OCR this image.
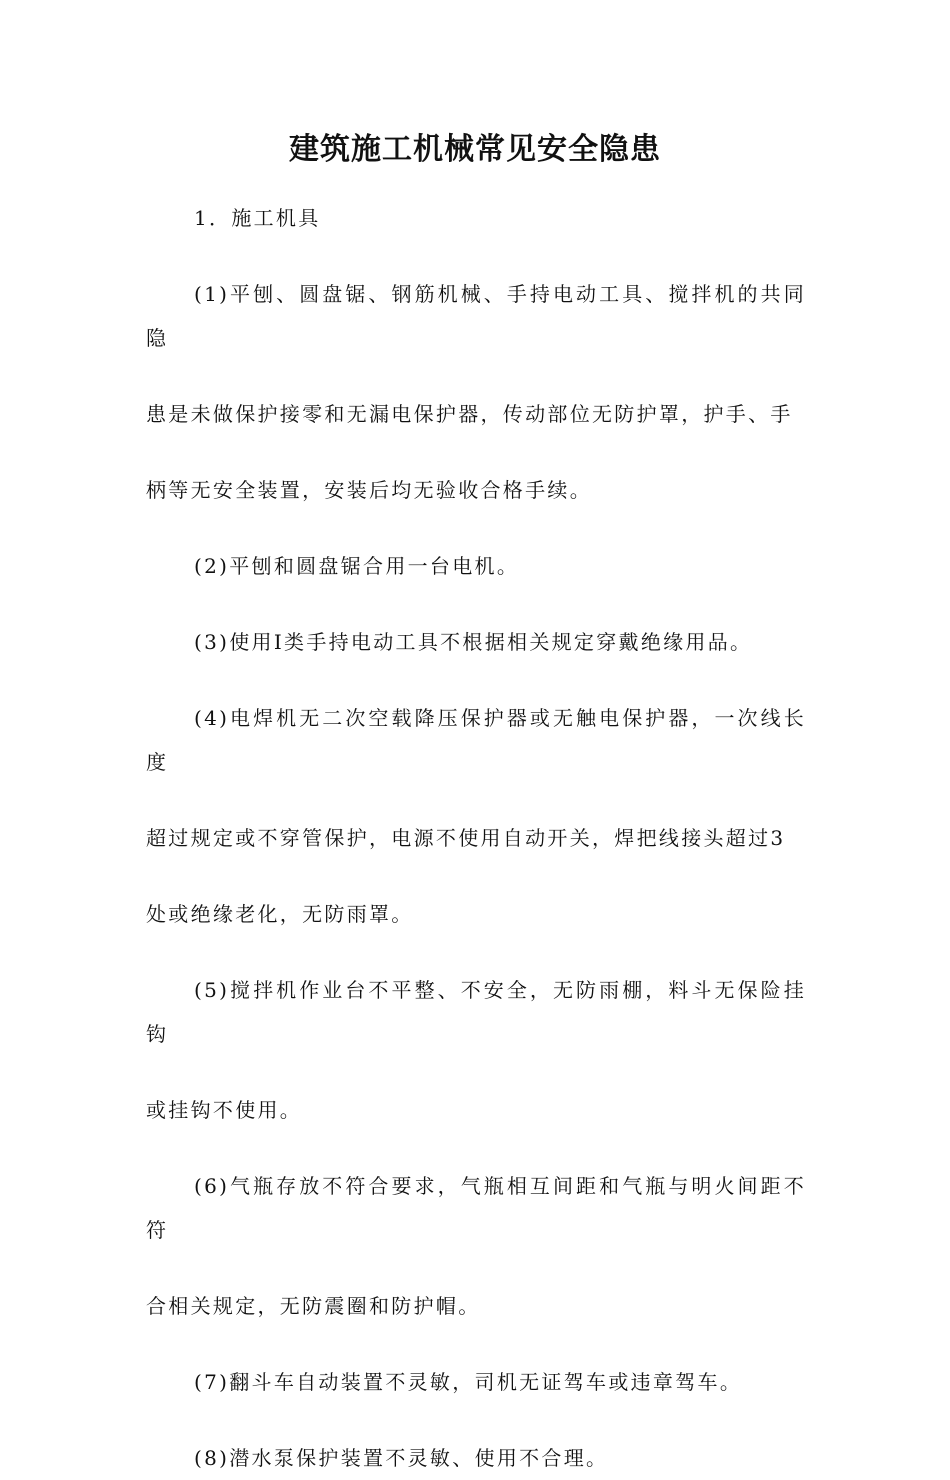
建筑施工机械常见安全隐患

1．施工机具

(1)平刨、圆盘锯、钢筋机械、手持电动工具、搅拌机的共同隐

患是未做保护接零和无漏电保护器，传动部位无防护罩，护手、手

柄等无安全装置，安装后均无验收合格手续。

(2)平刨和圆盘锯合用一台电机。

(3)使用Ⅰ类手持电动工具不根据相关规定穿戴绝缘用品。

(4)电焊机无二次空载降压保护器或无触电保护器，一次线长度

超过规定或不穿管保护，电源不使用自动开关，焊把线接头超过3

处或绝缘老化，无防雨罩。

(5)搅拌机作业台不平整、不安全，无防雨棚，料斗无保险挂钩

或挂钩不使用。

(6)气瓶存放不符合要求，气瓶相互间距和气瓶与明火间距不符

合相关规定，无防震圈和防护帽。

(7)翻斗车自动装置不灵敏，司机无证驾车或违章驾车。

(8)潜水泵保护装置不灵敏、使用不合理。
